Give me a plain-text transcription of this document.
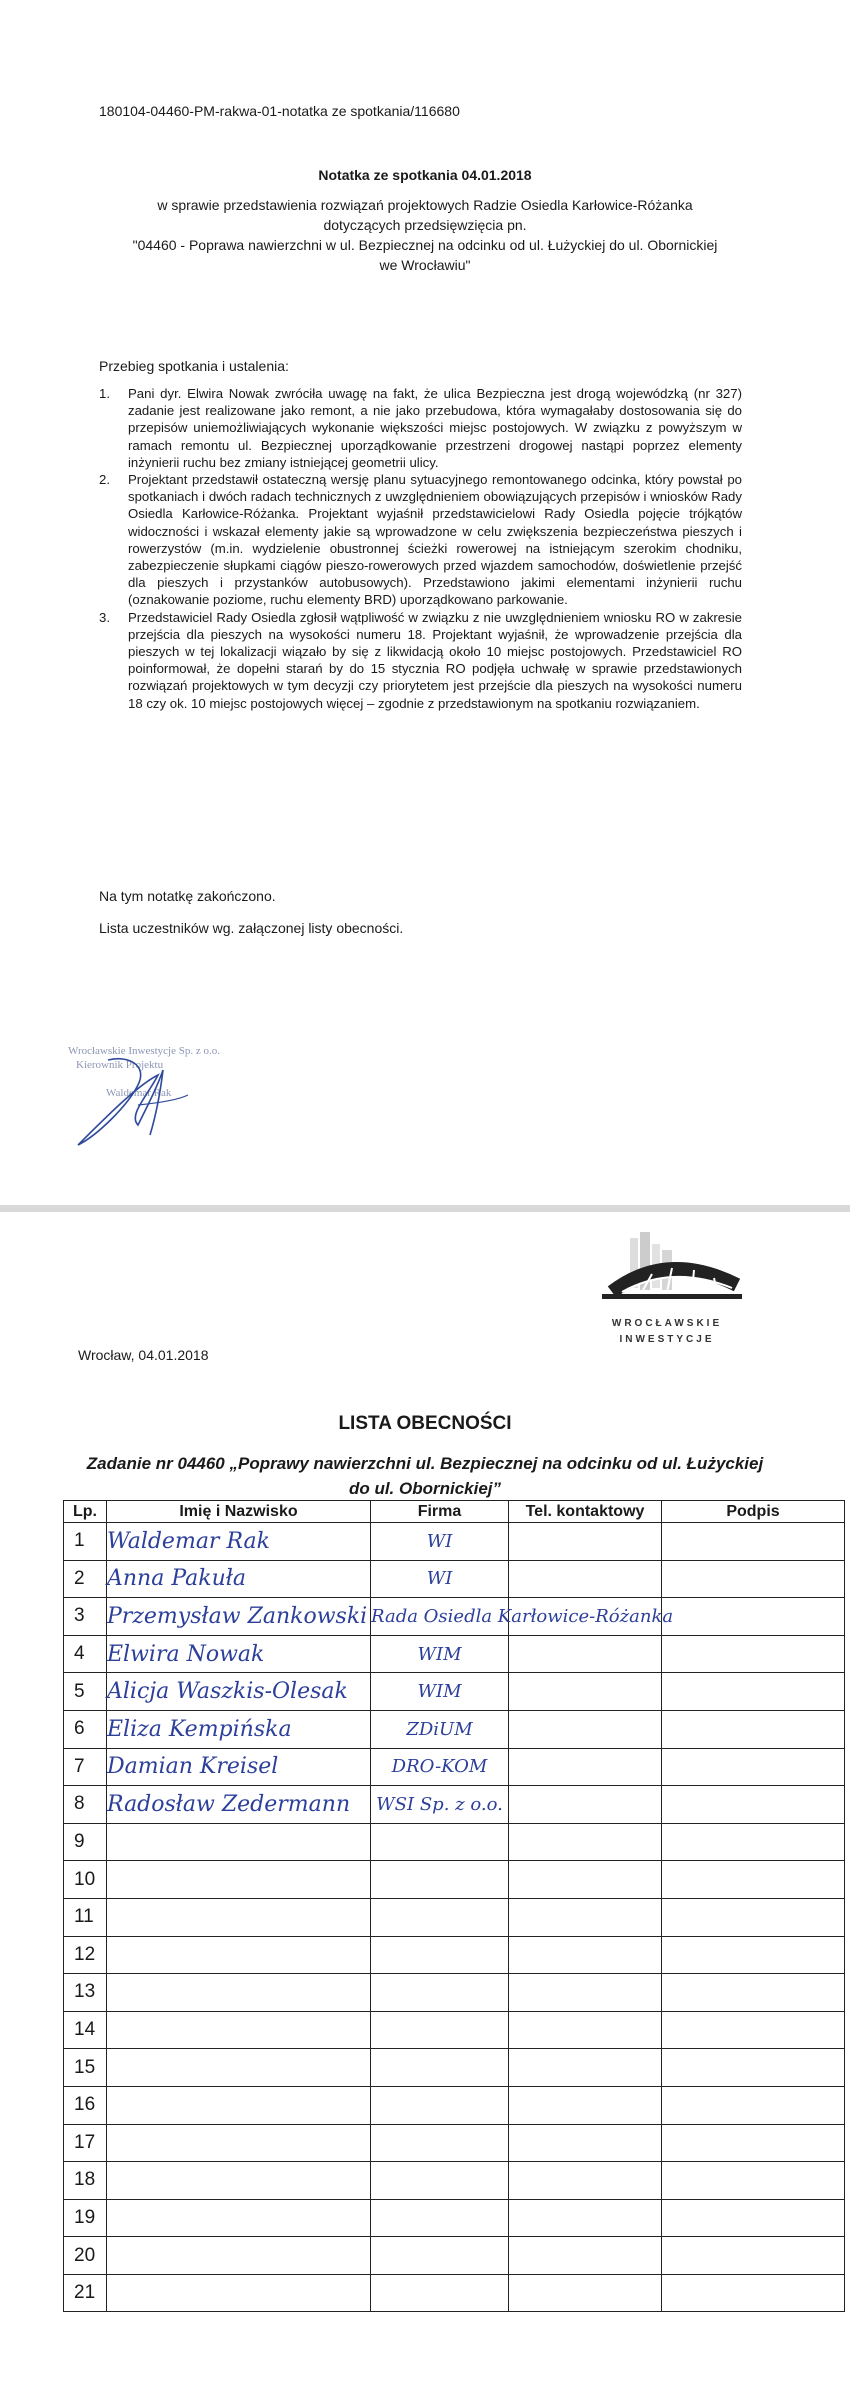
180104-04460-PM-rakwa-01-notatka ze spotkania/116680
Notatka ze spotkania 04.01.2018
w sprawie przedstawienia rozwiązań projektowych Radzie Osiedla Karłowice-Różanka
dotyczących przedsięwzięcia pn.
"04460 - Poprawa nawierzchni w ul. Bezpiecznej na odcinku od ul. Łużyckiej do ul. Obornickiej
we Wrocławiu"
Przebieg spotkania i ustalenia:
1. Pani dyr. Elwira Nowak zwróciła uwagę na fakt, że ulica Bezpieczna jest drogą wojewódzką (nr 327) zadanie jest realizowane jako remont, a nie jako przebudowa, która wymagałaby dostosowania się do przepisów uniemożliwiających wykonanie większości miejsc postojowych. W związku z powyższym w ramach remontu ul. Bezpiecznej uporządkowanie przestrzeni drogowej nastąpi poprzez elementy inżynierii ruchu bez zmiany istniejącej geometrii ulicy.
2. Projektant przedstawił ostateczną wersję planu sytuacyjnego remontowanego odcinka, który powstał po spotkaniach i dwóch radach technicznych z uwzględnieniem obowiązujących przepisów i wniosków Rady Osiedla Karłowice-Różanka. Projektant wyjaśnił przedstawicielowi Rady Osiedla pojęcie trójkątów widoczności i wskazał elementy jakie są wprowadzone w celu zwiększenia bezpieczeństwa pieszych i rowerzystów (m.in. wydzielenie obustronnej ścieżki rowerowej na istniejącym szerokim chodniku, zabezpieczenie słupkami ciągów pieszo-rowerowych przed wjazdem samochodów, doświetlenie przejść dla pieszych i przystanków autobusowych). Przedstawiono jakimi elementami inżynierii ruchu (oznakowanie poziome, ruchu elementy BRD) uporządkowano parkowanie.
3. Przedstawiciel Rady Osiedla zgłosił wątpliwość w związku z nie uwzględnieniem wniosku RO w zakresie przejścia dla pieszych na wysokości numeru 18. Projektant wyjaśnił, że wprowadzenie przejścia dla pieszych w tej lokalizacji wiązało by się z likwidacją około 10 miejsc postojowych. Przedstawiciel RO poinformował, że dopełni starań by do 15 stycznia RO podjęła uchwałę w sprawie przedstawionych rozwiązań projektowych w tym decyzji czy priorytetem jest przejście dla pieszych na wysokości numeru 18 czy ok. 10 miejsc postojowych więcej – zgodnie z przedstawionym na spotkaniu rozwiązaniem.
Na tym notatkę zakończono.
Lista uczestników wg. załączonej listy obecności.
Wrocławskie Inwestycje Sp. z o.o.
Kierownik Projektu
Waldemar Rak
WROCŁAWSKIE
INWESTYCJE
Wrocław, 04.01.2018
LISTA OBECNOŚCI
Zadanie nr 04460 „Poprawy nawierzchni ul. Bezpiecznej na odcinku od ul. Łużyckiej
do ul. Obornickiej”
Lp.	Imię i Nazwisko	Firma	Tel. kontaktowy	Podpis
1	Waldemar Rak	WI		
2	Anna Pakuła	WI		
3	Przemysław Zankowski	Rada Osiedla Karłowice-Różanka		
4	Elwira Nowak	WIM		
5	Alicja Waszkis-Olesak	WIM		
6	Eliza Kempińska	ZDiUM		
7	Damian Kreisel	DRO-KOM		
8	Radosław Zedermann	WSI Sp. z o.o.		
9				
10				
11				
12				
13				
14				
15				
16				
17				
18				
19				
20				
21				
